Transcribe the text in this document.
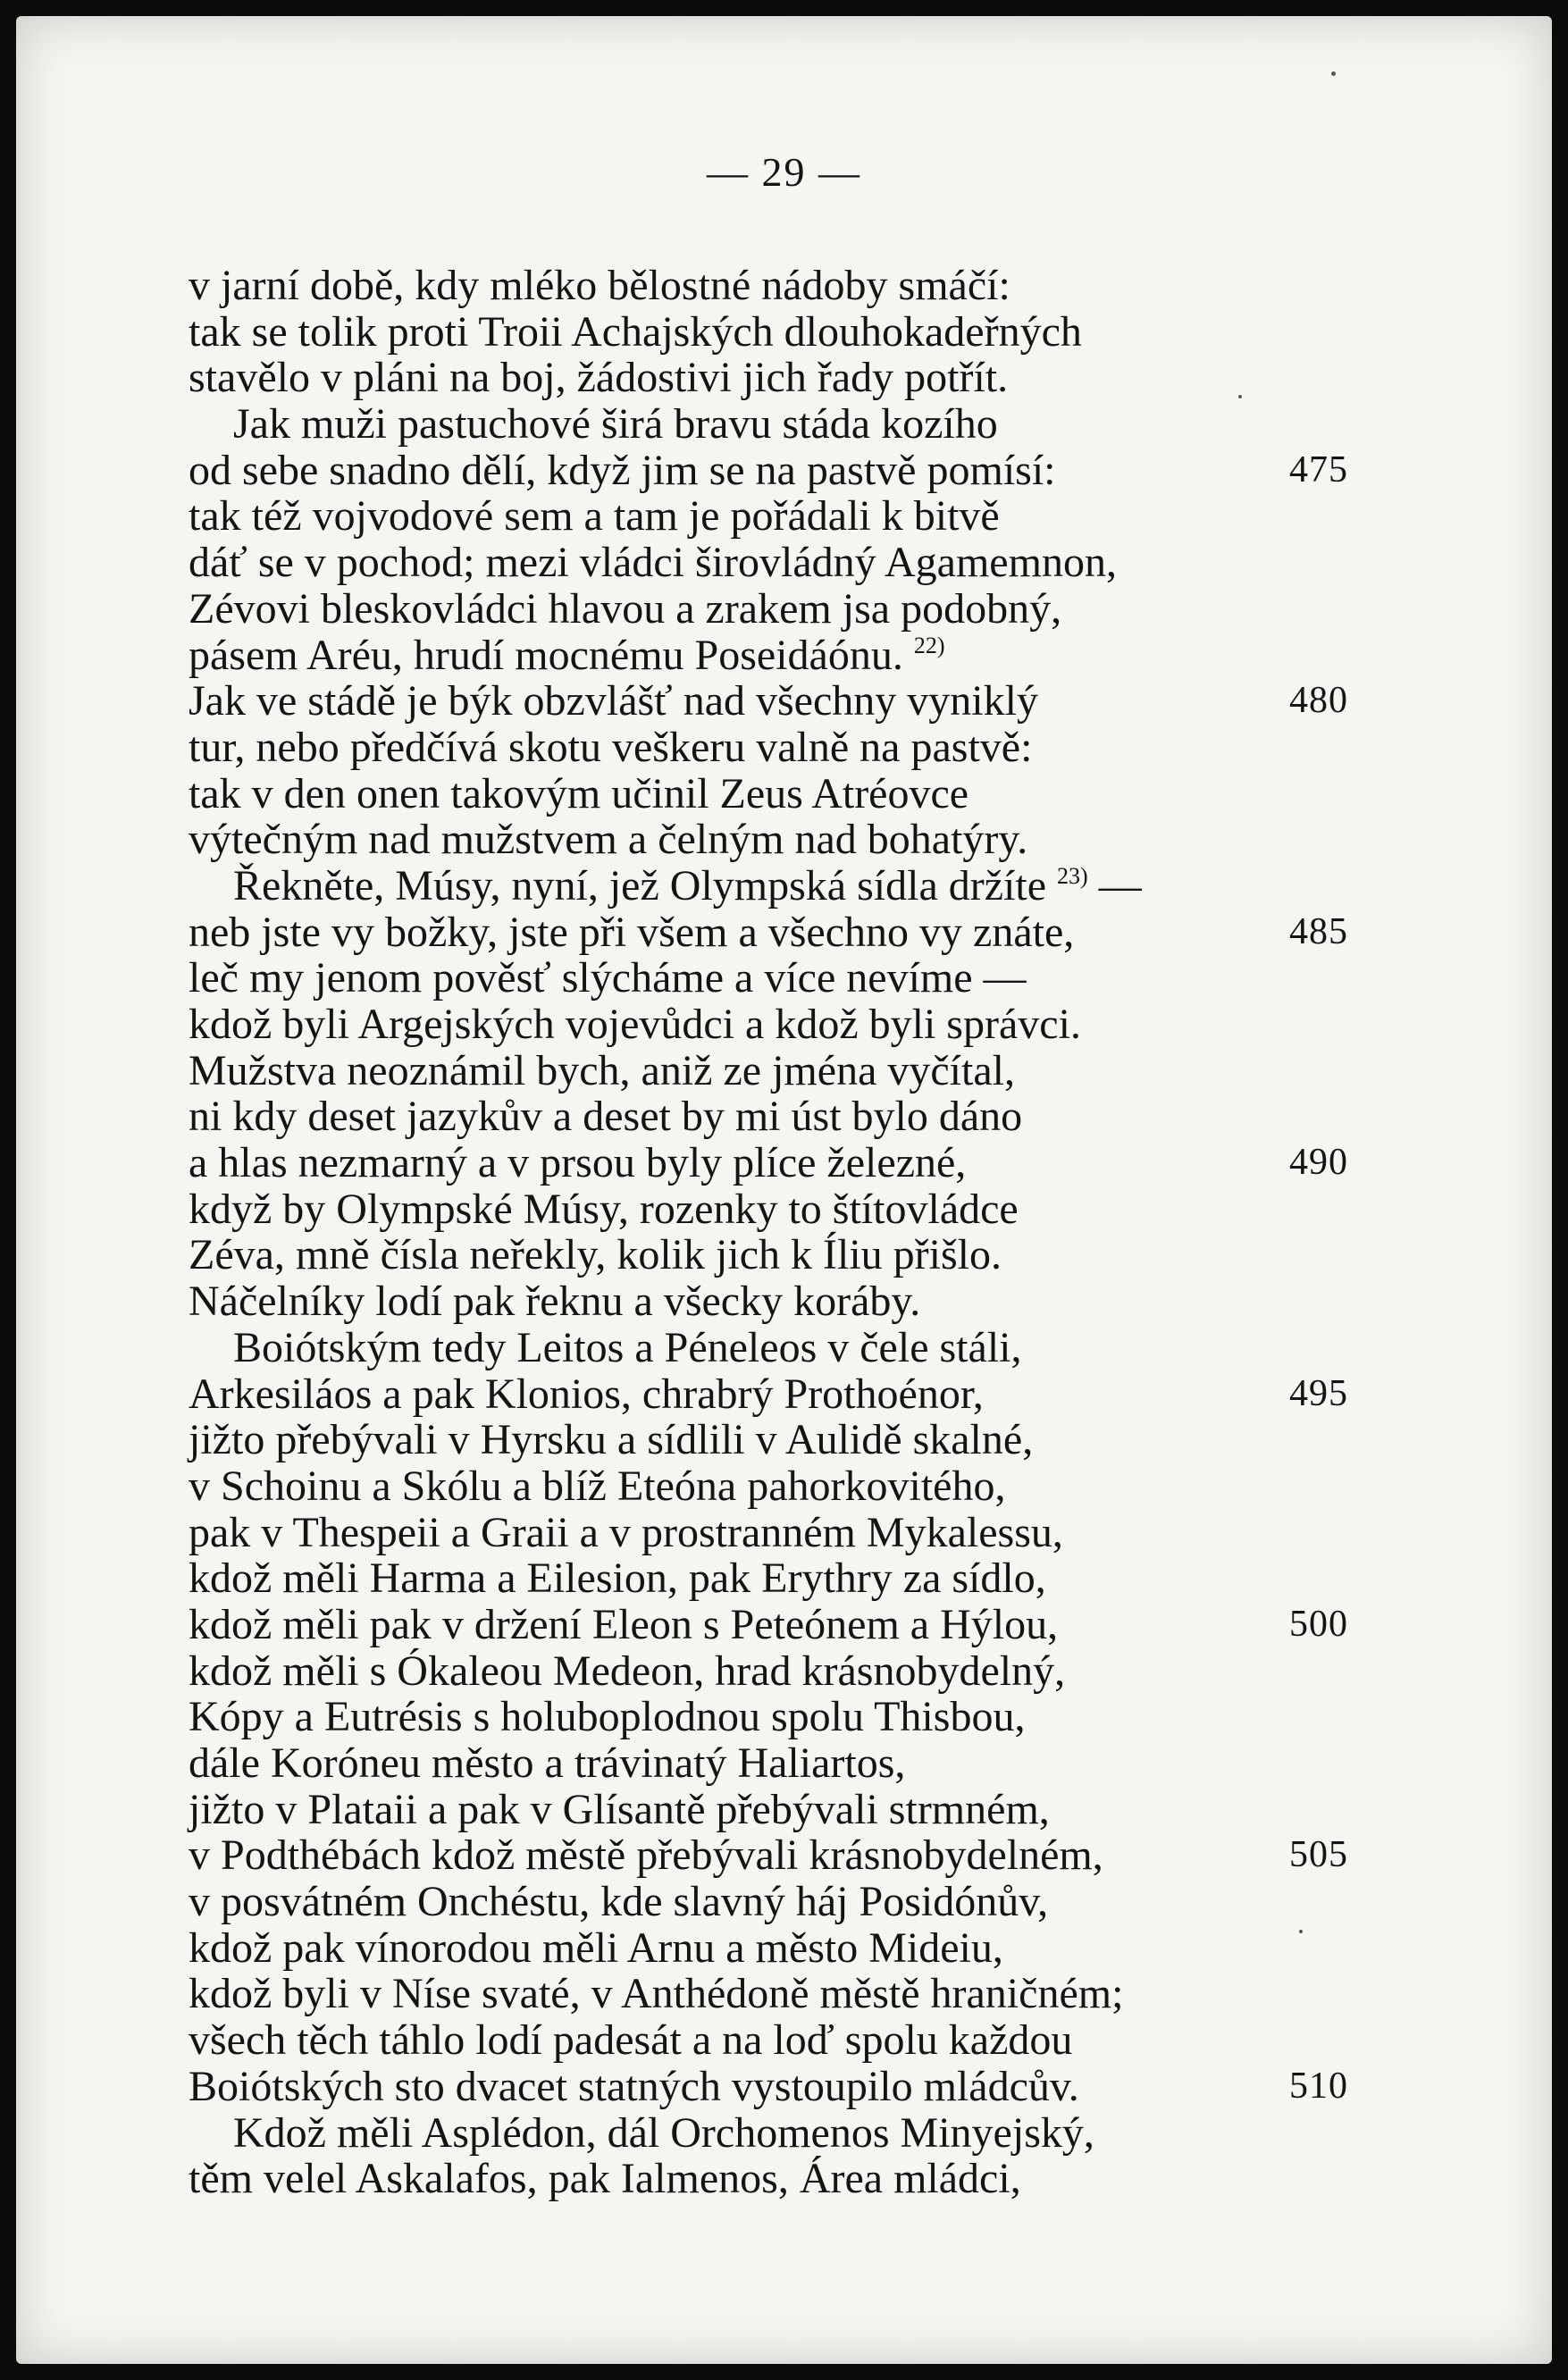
— 29 —
v jarní době, kdy mléko bělostné nádoby smáčí:
tak se tolik proti Troii Achajských dlouhokadeřných
stavělo v pláni na boj, žádostivi jich řady potřít.
Jak muži pastuchové širá bravu stáda kozího
od sebe snadno dělí, když jim se na pastvě pomísí:	475
tak též vojvodové sem a tam je pořádali k bitvě
dáť se v pochod; mezi vládci širovládný Agamemnon,
Zévovi bleskovládci hlavou a zrakem jsa podobný,
pásem Aréu, hrudí mocnému Poseidáónu. $^{22)}$
Jak ve stádě je býk obzvlášť nad všechny vyniklý	480
tur, nebo předčívá skotu veškeru valně na pastvě:
tak v den onen takovým učinil Zeus Atréovce
výtečným nad mužstvem a čelným nad bohatýry.
Řekněte, Músy, nyní, jež Olympská sídla držíte $^{23)}$ —
neb jste vy božky, jste při všem a všechno vy znáte,	485
leč my jenom pověsť slýcháme a více nevíme —
kdož byli Argejských vojevůdci a kdož byli správci.
Mužstva neoznámil bych, aniž ze jména vyčítal,
ni kdy deset jazykův a deset by mi úst bylo dáno
a hlas nezmarný a v prsou byly plíce železné,	490
když by Olympské Músy, rozenky to štítovládce
Zéva, mně čísla neřekly, kolik jich k Íliu přišlo.
Náčelníky lodí pak řeknu a všecky koráby.
Boiótským tedy Leitos a Péneleos v čele stáli,
Arkesiláos a pak Klonios, chrabrý Prothoénor,	495
jižto přebývali v Hyrsku a sídlili v Aulidě skalné,
v Schoinu a Skólu a blíž Eteóna pahorkovitého,
pak v Thespeii a Graii a v prostranném Mykalessu,
kdož měli Harma a Eilesion, pak Erythry za sídlo,
kdož měli pak v držení Eleon s Peteónem a Hýlou,	500
kdož měli s Ókaleou Medeon, hrad krásnobydelný,
Kópy a Eutrésis s holuboplodnou spolu Thisbou,
dále Koróneu město a trávinatý Haliartos,
jižto v Plataii a pak v Glísantě přebývali strmném,
v Podthébách kdož městě přebývali krásnobydelném,	505
v posvátném Onchéstu, kde slavný háj Posidónův,
kdož pak vínorodou měli Arnu a město Mideiu,
kdož byli v Níse svaté, v Anthédoně městě hraničném;
všech těch táhlo lodí padesát a na loď spolu každou
Boiótských sto dvacet statných vystoupilo mládcův.	510
Kdož měli Asplédon, dál Orchomenos Minyejský,
těm velel Askalafos, pak Ialmenos, Área mládci,
